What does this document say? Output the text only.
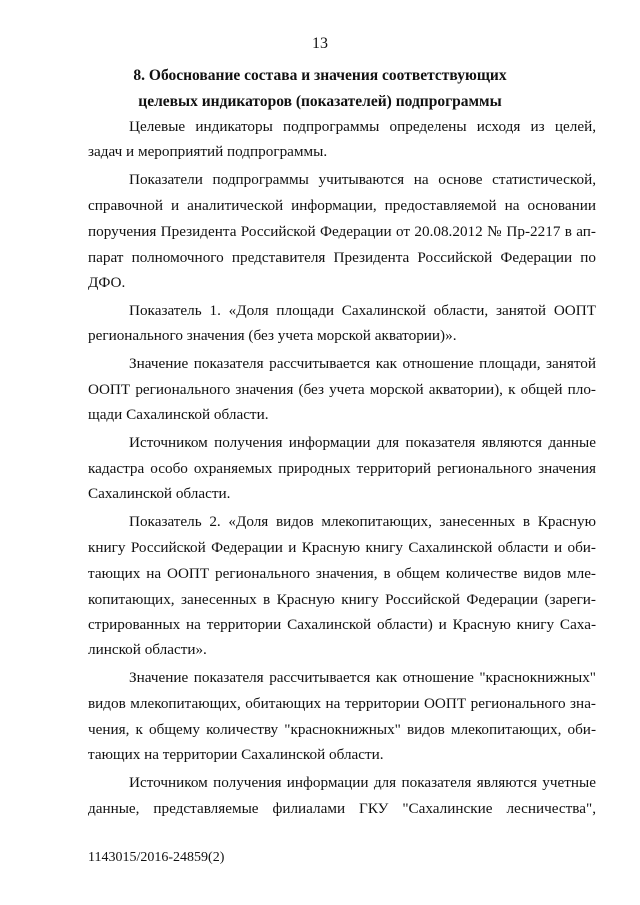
13
8. Обоснование состава и значения соответствующих
целевых индикаторов (показателей) подпрограммы
Целевые индикаторы подпрограммы определены исходя из целей,
задач и мероприятий подпрограммы.
Показатели подпрограммы учитываются на основе статистической,
справочной и аналитической информации, предоставляемой на основании
поручения Президента Российской Федерации от 20.08.2012 № Пр-2217 в ап-
парат полномочного представителя Президента Российской Федерации по
ДФО.
Показатель 1. «Доля площади Сахалинской области, занятой ООПТ
регионального значения (без учета морской акватории)».
Значение показателя рассчитывается как отношение площади, занятой
ООПТ регионального значения (без учета морской акватории), к общей пло-
щади Сахалинской области.
Источником получения информации для показателя являются данные
кадастра особо охраняемых природных территорий регионального значения
Сахалинской области.
Показатель 2. «Доля видов млекопитающих, занесенных в Красную
книгу Российской Федерации и Красную книгу Сахалинской области и оби-
тающих на ООПТ регионального значения, в общем количестве видов мле-
копитающих, занесенных в Красную книгу Российской Федерации (зареги-
стрированных на территории Сахалинской области) и Красную книгу Саха-
линской области».
Значение показателя рассчитывается как отношение "краснокнижных"
видов млекопитающих, обитающих на территории ООПТ регионального зна-
чения, к общему количеству "краснокнижных" видов млекопитающих, оби-
тающих на территории Сахалинской области.
Источником получения информации для показателя являются учетные
данные, представляемые филиалами ГКУ "Сахалинские лесничества",
1143015/2016-24859(2)
